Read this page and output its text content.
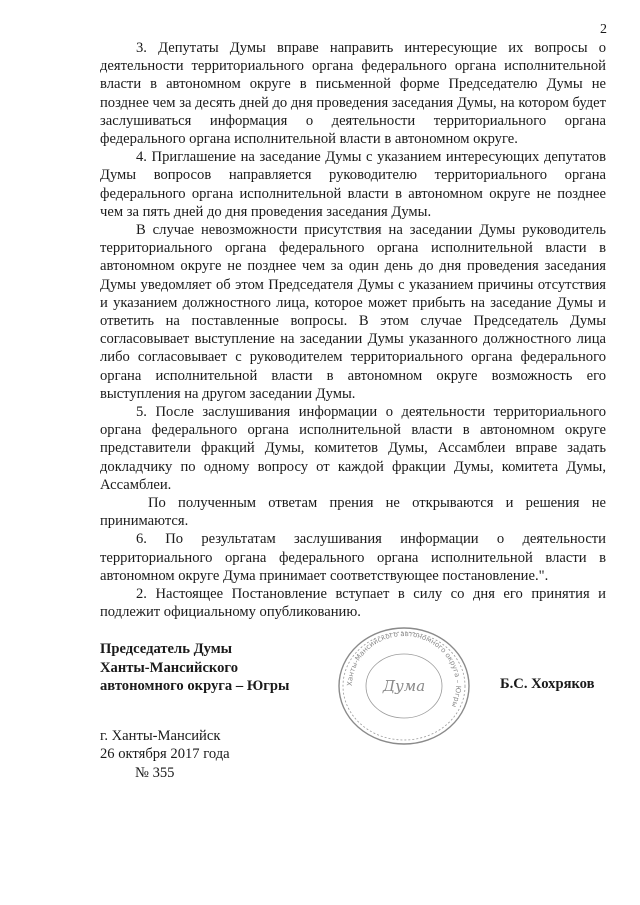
2

3. Депутаты Думы вправе направить интересующие их вопросы о деятельности территориального органа федерального органа исполнительной власти в автономном округе в письменной форме Председателю Думы не позднее чем за десять дней до дня проведения заседания Думы, на котором будет заслушиваться информация о деятельности территориального органа федерального органа исполнительной власти в автономном округе.

4. Приглашение на заседание Думы с указанием интересующих депутатов Думы вопросов направляется руководителю территориального органа федерального органа исполнительной власти в автономном округе не позднее чем за пять дней до дня проведения заседания Думы.

В случае невозможности присутствия на заседании Думы руководитель территориального органа федерального органа исполнительной власти в автономном округе не позднее чем за один день до дня проведения заседания Думы уведомляет об этом Председателя Думы с указанием причины отсутствия и указанием должностного лица, которое может прибыть на заседание Думы и ответить на поставленные вопросы. В этом случае Председатель Думы согласовывает выступление на заседании Думы указанного должностного лица либо согласовывает с руководителем территориального органа федерального органа исполнительной власти в автономном округе возможность его выступления на другом заседании Думы.

5. После заслушивания информации о деятельности территориального органа федерального органа исполнительной власти в автономном округе представители фракций Думы, комитетов Думы, Ассамблеи вправе задать докладчику по одному вопросу от каждой фракции Думы, комитета Думы, Ассамблеи.

По полученным ответам прения не открываются и решения не принимаются.

6. По результатам заслушивания информации о деятельности территориального органа федерального органа исполнительной власти в автономном округе Дума принимает соответствующее постановление.".

2. Настоящее Постановление вступает в силу со дня его принятия и подлежит официальному опубликованию.

Председатель Думы
Ханты-Мансийского
автономного округа – Югры	Ханты-Мансийского автономного округа – Югры
Дума	Б.С. Хохряков
г. Ханты-Мансийск
26 октября 2017 года
№ 355
